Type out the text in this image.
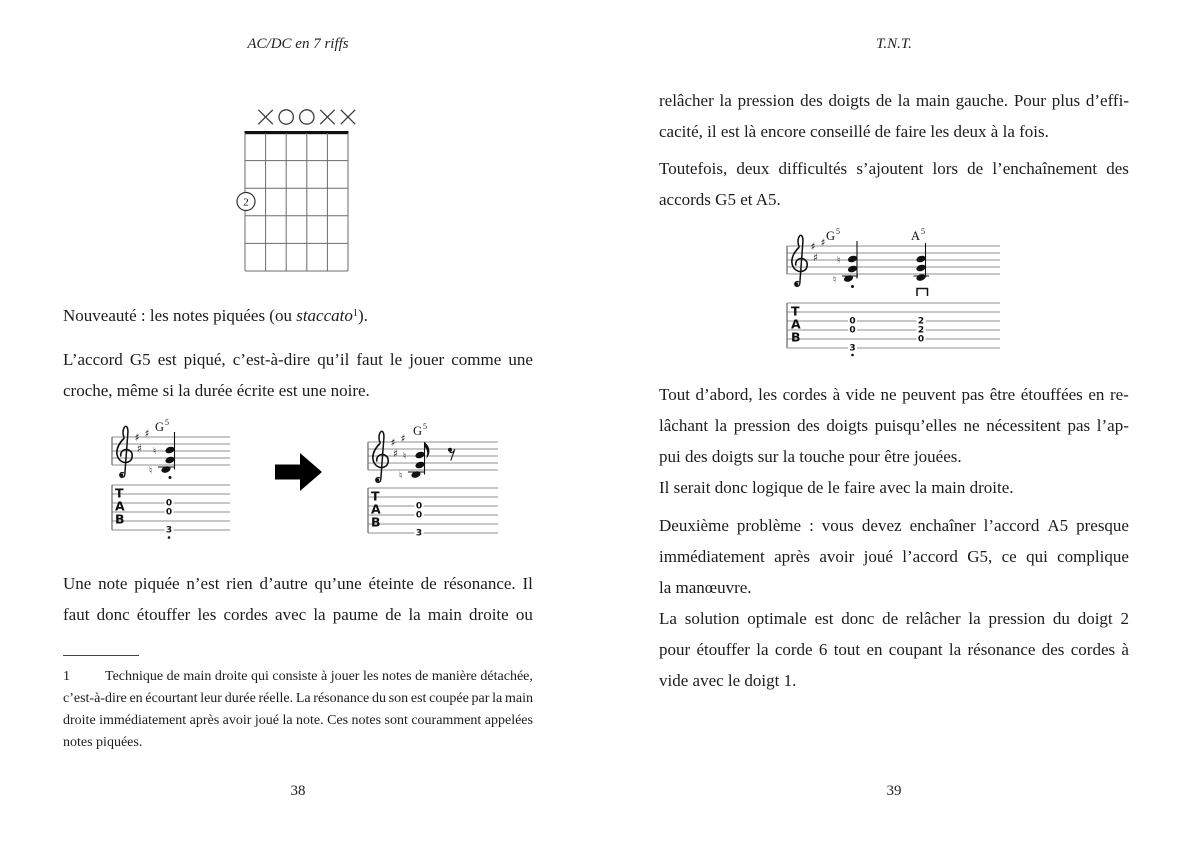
AC/DC en 7 riffs
2
G 5
♯ ♯
♯ ♮
♮
T
A
B
0
0
3
G 5
♯ ♯
♯ ♮
♮
T
A
B
0
0
3
38
T.N.T.
G 5	A 5
♯ ♯
♯ ♮
♮
T
A
B
0
0
3
2
2
0
39
Nouveauté : les notes piquées (ou staccato$^1$).
L’accord G5 est piqué, c’est-à-dire qu’il faut le jouer comme une
croche, même si la durée écrite est une noire.
Une note piquée n’est rien d’autre qu’une éteinte de résonance. Il
faut donc étouffer les cordes avec la paume de la main droite ou
1	Technique de main droite qui consiste à jouer les notes de manière détachée,
c’est-à-dire en écourtant leur durée réelle. La résonance du son est coupée par la main
droite immédiatement après avoir joué la note. Ces notes sont couramment appelées
notes piquées.
relâcher la pression des doigts de la main gauche. Pour plus d’effi-
cacité, il est là encore conseillé de faire les deux à la fois.
Toutefois, deux difficultés s’ajoutent lors de l’enchaînement des
accords G5 et A5.
Tout d’abord, les cordes à vide ne peuvent pas être étouffées en re-
lâchant la pression des doigts puisqu’elles ne nécessitent pas l’ap-
pui des doigts sur la touche pour être jouées.
Il serait donc logique de le faire avec la main droite.
Deuxième problème : vous devez enchaîner l’accord A5 presque
immédiatement après avoir joué l’accord G5, ce qui complique
la manœuvre.
La solution optimale est donc de relâcher la pression du doigt 2
pour étouffer la corde 6 tout en coupant la résonance des cordes à
vide avec le doigt 1.
